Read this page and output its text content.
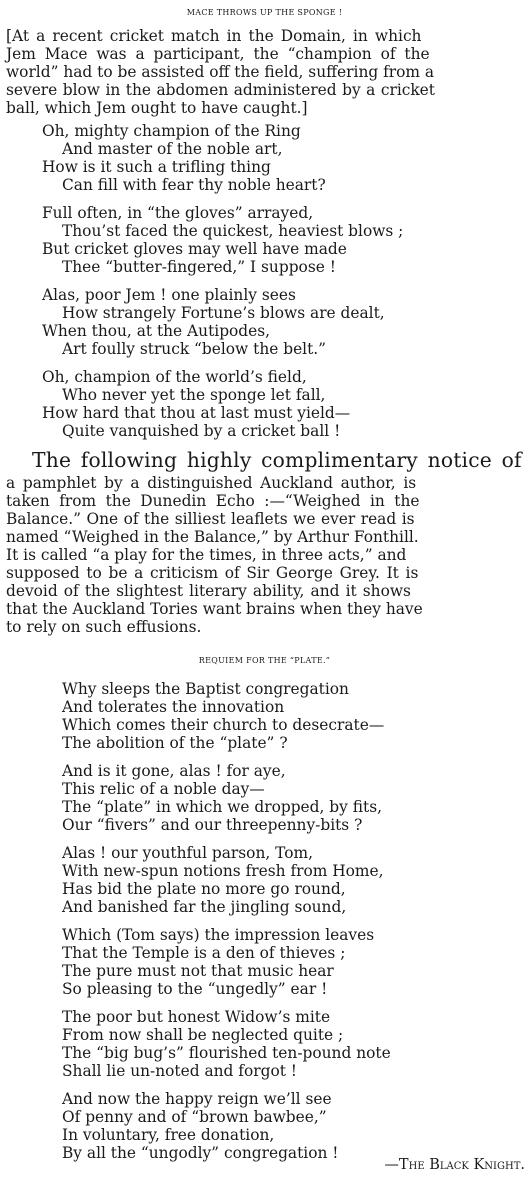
MACE THROWS UP THE SPONGE !
[At a recent cricket match in the Domain, in which
Jem Mace was a participant, the “champion of the
world” had to be assisted off the field, suffering from a
severe blow in the abdomen administered by a cricket
ball, which Jem ought to have caught.]
Oh, mighty champion of the Ring
And master of the noble art,
How is it such a trifling thing
Can fill with fear thy noble heart?
Full often, in “the gloves” arrayed,
Thou’st faced the quickest, heaviest blows ;
But cricket gloves may well have made
Thee “butter-fingered,” I suppose !
Alas, poor Jem ! one plainly sees
How strangely Fortune’s blows are dealt,
When thou, at the Autipodes,
Art foully struck “below the belt.”
Oh, champion of the world’s field,
Who never yet the sponge let fall,
How hard that thou at last must yield—
Quite vanquished by a cricket ball !
The following highly complimentary notice of
a pamphlet by a distinguished Auckland author, is
taken from the Dunedin Echo :—“Weighed in the
Balance.” One of the silliest leaflets we ever read is
named “Weighed in the Balance,” by Arthur Fonthill.
It is called “a play for the times, in three acts,” and
supposed to be a criticism of Sir George Grey. It is
devoid of the slightest literary ability, and it shows
that the Auckland Tories want brains when they have
to rely on such effusions.
REQUIEM FOR THE “PLATE.”
Why sleeps the Baptist congregation
And tolerates the innovation
Which comes their church to desecrate—
The abolition of the “plate” ?
And is it gone, alas ! for aye,
This relic of a noble day—
The “plate” in which we dropped, by fits,
Our “fivers” and our threepenny-bits ?
Alas ! our youthful parson, Tom,
With new-spun notions fresh from Home,
Has bid the plate no more go round,
And banished far the jingling sound,
Which (Tom says) the impression leaves
That the Temple is a den of thieves ;
The pure must not that music hear
So pleasing to the “ungedly” ear !
The poor but honest Widow’s mite
From now shall be neglected quite ;
The “big bug’s” flourished ten-pound note
Shall lie un-noted and forgot !
And now the happy reign we’ll see
Of penny and of “brown bawbee,”
In voluntary, free donation,
By all the “ungodly” congregation !
—The Black Knight.
